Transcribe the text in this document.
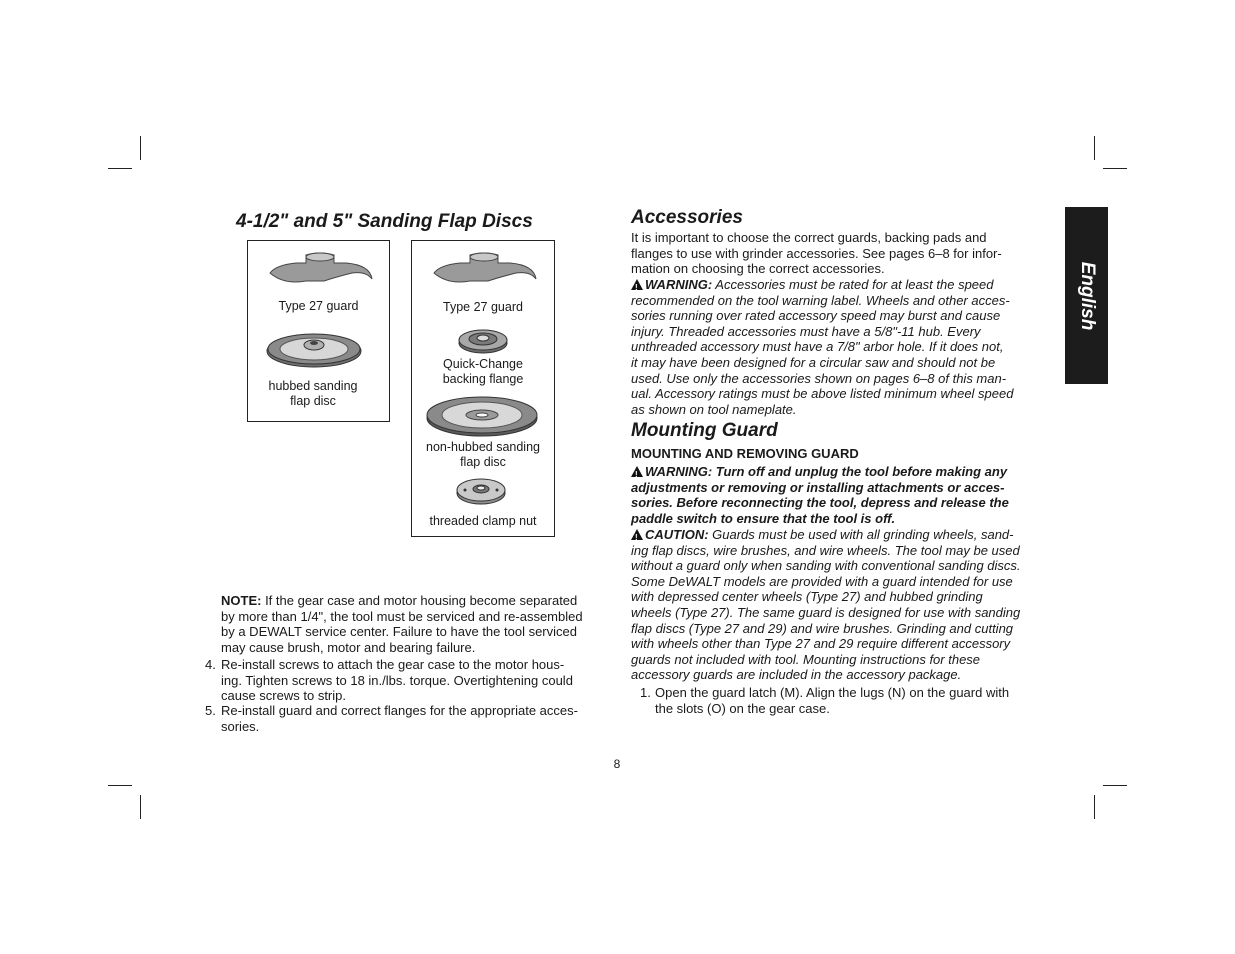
4-1/2" and 5" Sanding Flap Discs
Type 27 guard
hubbed sanding
flap disc
Type 27 guard
Quick-Change
backing flange
non-hubbed sanding
flap disc
threaded clamp nut
NOTE: If the gear case and motor housing become separated
by more than 1/4", the tool must be serviced and re-assembled
by a DEWALT service center. Failure to have the tool serviced
may cause brush, motor and bearing failure.
4. Re-install screws to attach the gear case to the motor hous-
ing. Tighten screws to 18 in./lbs. torque. Overtightening could
cause screws to strip.
5. Re-install guard and correct flanges for the appropriate acces-
sories.
Accessories
It is important to choose the correct guards, backing pads and
flanges to use with grinder accessories. See pages 6–8 for infor-
mation on choosing the correct accessories.
!WARNING: Accessories must be rated for at least the speed
recommended on the tool warning label. Wheels and other acces-
sories running over rated accessory speed may burst and cause
injury. Threaded accessories must have a 5/8"-11 hub. Every
unthreaded accessory must have a 7/8" arbor hole. If it does not,
it may have been designed for a circular saw and should not be
used. Use only the accessories shown on pages 6–8 of this man-
ual. Accessory ratings must be above listed minimum wheel speed
as shown on tool nameplate.
Mounting Guard
MOUNTING AND REMOVING GUARD
!WARNING: Turn off and unplug the tool before making any
adjustments or removing or installing attachments or acces-
sories. Before reconnecting the tool, depress and release the
paddle switch to ensure that the tool is off.
!CAUTION: Guards must be used with all grinding wheels, sand-
ing flap discs, wire brushes, and wire wheels. The tool may be used
without a guard only when sanding with conventional sanding discs.
Some DeWALT models are provided with a guard intended for use
with depressed center wheels (Type 27) and hubbed grinding
wheels (Type 27). The same guard is designed for use with sanding
flap discs (Type 27 and 29) and wire brushes. Grinding and cutting
with wheels other than Type 27 and 29 require different accessory
guards not included with tool. Mounting instructions for these
accessory guards are included in the accessory package.
1. Open the guard latch (M). Align the lugs (N) on the guard with
the slots (O) on the gear case.
English
8
